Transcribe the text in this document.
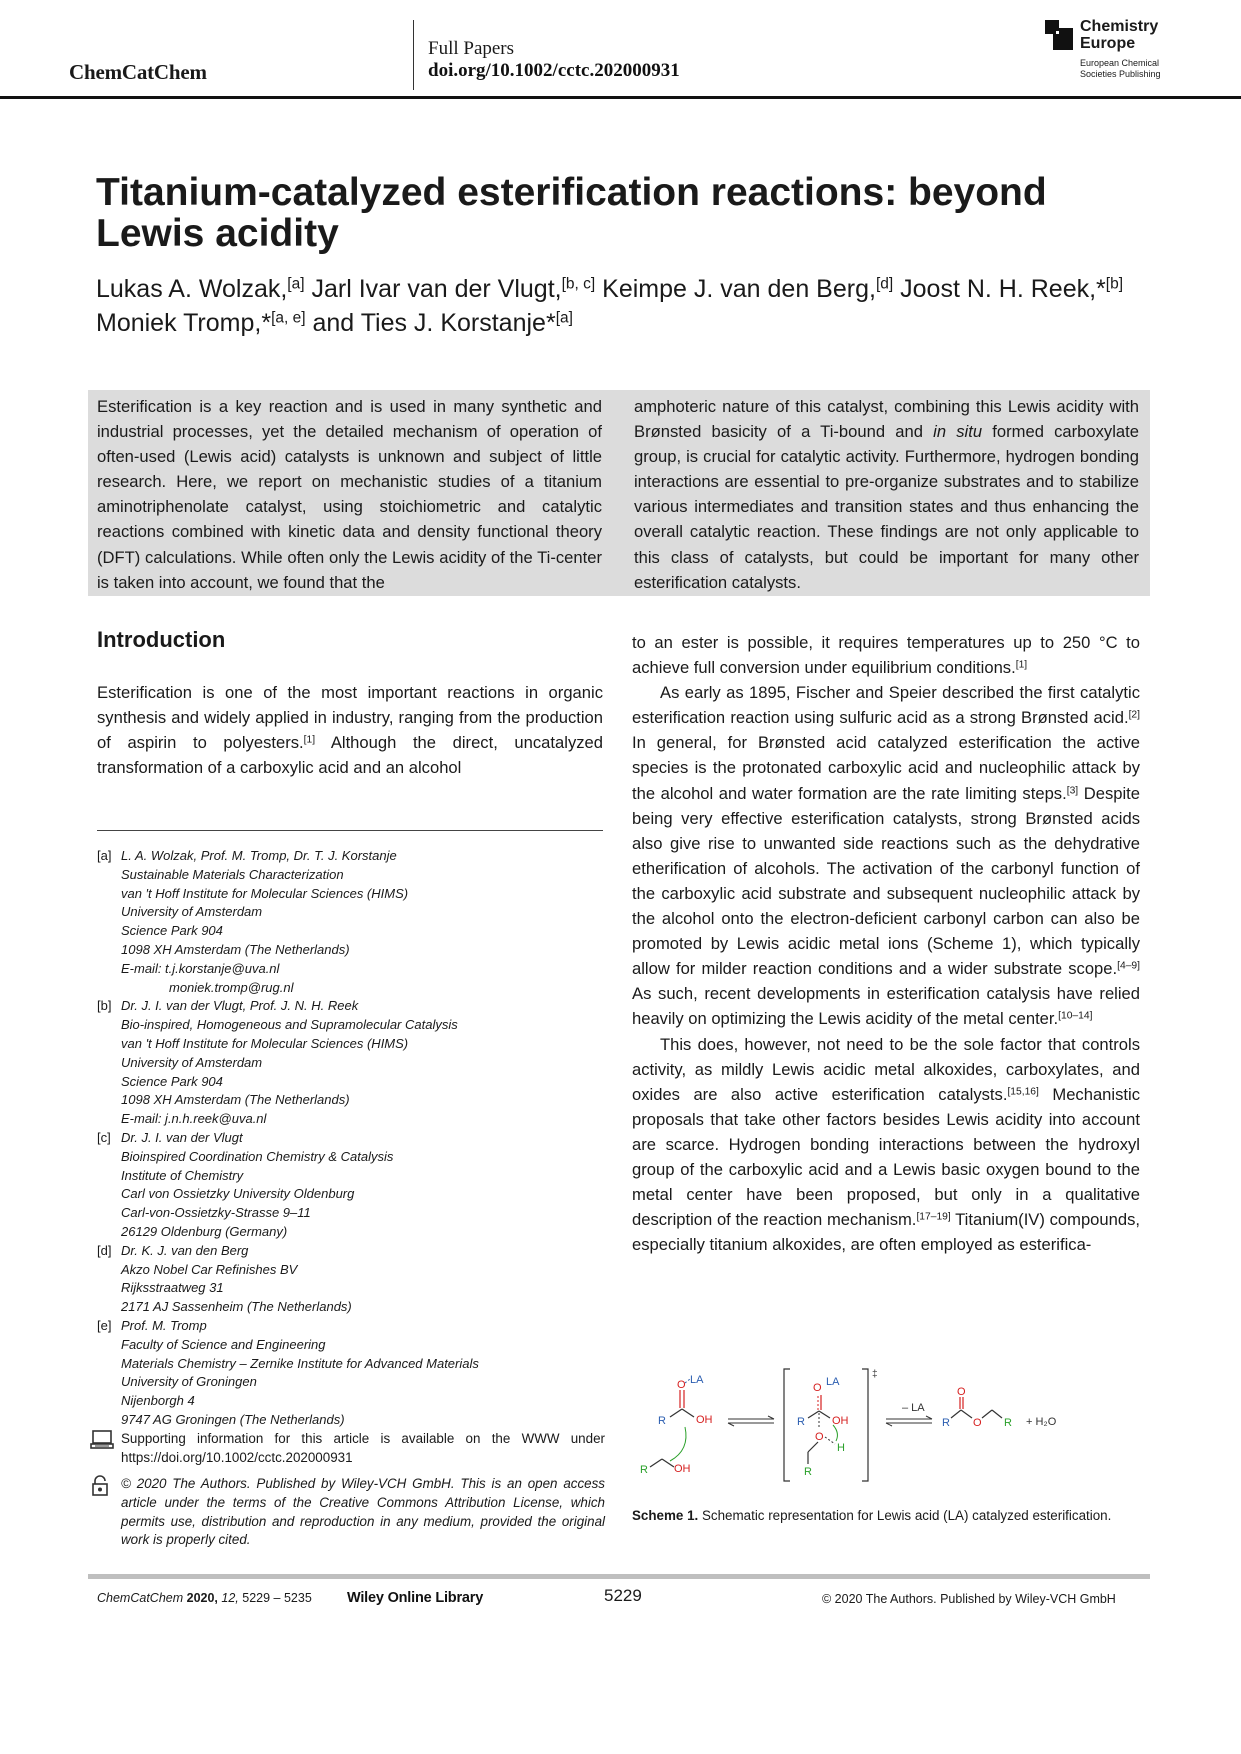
ChemCatChem
Full Papers
doi.org/10.1002/cctc.202000931
Chemistry
Europe
European Chemical
Societies Publishing
Titanium-catalyzed esterification reactions: beyond Lewis acidity

Lukas A. Wolzak,[a] Jarl Ivar van der Vlugt,[b, c] Keimpe J. van den Berg,[d] Joost N. H. Reek,*[b]
Moniek Tromp,*[a, e] and Ties J. Korstanje*[a]

Esterification is a key reaction and is used in many synthetic and industrial processes, yet the detailed mechanism of operation of often-used (Lewis acid) catalysts is unknown and subject of little research. Here, we report on mechanistic studies of a titanium aminotriphenolate catalyst, using stoichiometric and catalytic reactions combined with kinetic data and density functional theory (DFT) calculations. While often only the Lewis acidity of the Ti-center is taken into account, we found that the
amphoteric nature of this catalyst, combining this Lewis acidity with Brønsted basicity of a Ti-bound and in situ formed carboxylate group, is crucial for catalytic activity. Furthermore, hydrogen bonding interactions are essential to pre-organize substrates and to stabilize various intermediates and transition states and thus enhancing the overall catalytic reaction. These findings are not only applicable to this class of catalysts, but could be important for many other esterification catalysts.
Introduction
Esterification is one of the most important reactions in organic synthesis and widely applied in industry, ranging from the production of aspirin to polyesters.[1] Although the direct, uncatalyzed transformation of a carboxylic acid and an alcohol
[a] L. A. Wolzak, Prof. M. Tromp, Dr. T. J. Korstanje
Sustainable Materials Characterization
van ′t Hoff Institute for Molecular Sciences (HIMS)
University of Amsterdam
Science Park 904
1098 XH Amsterdam (The Netherlands)
E-mail: t.j.korstanje@uva.nl
moniek.tromp@rug.nl
[b] Dr. J. I. van der Vlugt, Prof. J. N. H. Reek
Bio-inspired, Homogeneous and Supramolecular Catalysis
van 't Hoff Institute for Molecular Sciences (HIMS)
University of Amsterdam
Science Park 904
1098 XH Amsterdam (The Netherlands)
E-mail: j.n.h.reek@uva.nl
[c] Dr. J. I. van der Vlugt
Bioinspired Coordination Chemistry & Catalysis
Institute of Chemistry
Carl von Ossietzky University Oldenburg
Carl-von-Ossietzky-Strasse 9–11
26129 Oldenburg (Germany)
[d] Dr. K. J. van den Berg
Akzo Nobel Car Refinishes BV
Rijksstraatweg 31
2171 AJ Sassenheim (The Netherlands)
[e] Prof. M. Tromp
Faculty of Science and Engineering
Materials Chemistry – Zernike Institute for Advanced Materials
University of Groningen
Nijenborgh 4
9747 AG Groningen (The Netherlands)
Supporting information for this article is available on the WWW under https://doi.org/10.1002/cctc.202000931
© 2020 The Authors. Published by Wiley-VCH GmbH. This is an open access article under the terms of the Creative Commons Attribution License, which permits use, distribution and reproduction in any medium, provided the original work is properly cited.

to an ester is possible, it requires temperatures up to 250 °C to achieve full conversion under equilibrium conditions.[1]

As early as 1895, Fischer and Speier described the first catalytic esterification reaction using sulfuric acid as a strong Brønsted acid.[2] In general, for Brønsted acid catalyzed esterification the active species is the protonated carboxylic acid and nucleophilic attack by the alcohol and water formation are the rate limiting steps.[3] Despite being very effective esterification catalysts, strong Brønsted acids also give rise to unwanted side reactions such as the dehydrative etherification of alcohols. The activation of the carbonyl function of the carboxylic acid substrate and subsequent nucleophilic attack by the alcohol onto the electron-deficient carbonyl carbon can also be promoted by Lewis acidic metal ions (Scheme 1), which typically allow for milder reaction conditions and a wider substrate scope.[4–9] As such, recent developments in esterification catalysis have relied heavily on optimizing the Lewis acidity of the metal center.[10–14]

This does, however, not need to be the sole factor that controls activity, as mildly Lewis acidic metal alkoxides, carboxylates, and oxides are also active esterification catalysts.[15,16] Mechanistic proposals that take other factors besides Lewis acidity into account are scarce. Hydrogen bonding interactions between the hydroxyl group of the carboxylic acid and a Lewis basic oxygen bound to the metal center have been proposed, but only in a qualitative description of the reaction mechanism.[17–19] Titanium(IV) compounds, especially titanium alkoxides, are often employed as esterifica-

O LA
R	OH
R OH
‡
O LA
R OH
O
H
R
– LA
O
R O R + H₂O
Scheme 1. Schematic representation for Lewis acid (LA) catalyzed esterification.
ChemCatChem 2020, 12, 5229 – 5235 Wiley Online Library	5229	© 2020 The Authors. Published by Wiley-VCH GmbH
